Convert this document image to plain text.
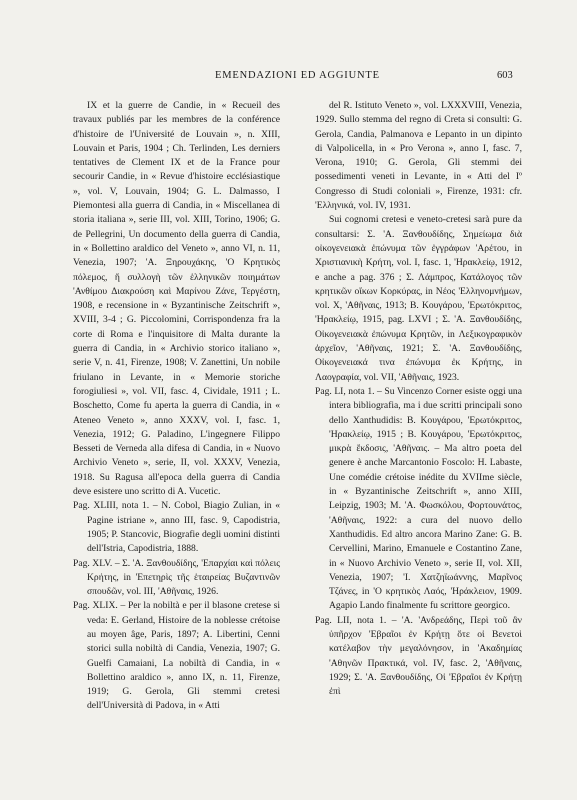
EMENDAZIONI ED AGGIUNTE	603

IX et la guerre de Candie, in « Recueil des travaux publiés par les membres de la conférence d'histoire de l'Université de Louvain », n. XIII, Louvain et Paris, 1904 ; Ch. Terlinden, Les derniers tentatives de Clement IX et de la France pour secourir Candie, in « Revue d'histoire ecclésiastique », vol. V, Louvain, 1904; G. L. Dalmasso, I Piemontesi alla guerra di Candia, in « Miscellanea di storia italiana », serie III, vol. XIII, Torino, 1906; G. de Pellegrini, Un documento della guerra di Candia, in « Bollettino araldico del Veneto », anno VI, n. 11, Venezia, 1907; 'Α. Ξηρουχάκης, 'Ο Κρητικὸς πόλεμος, ἤ συλλογὴ τῶν ἑλληνικῶν ποιημάτων 'Ανθίμου Διακρούση καὶ Μαρίνου Ζάνε, Τεργέστη, 1908, e recensione in « Byzantinische Zeitschrift », XVIII, 3-4 ; G. Piccolomini, Corrispondenza fra la corte di Roma e l'inquisitore di Malta durante la guerra di Candia, in « Archivio storico italiano », serie V, n. 41, Firenze, 1908; V. Zanettini, Un nobile friulano in Levante, in « Memorie storiche forogiuliesi », vol. VII, fasc. 4, Cividale, 1911 ; L. Boschetto, Come fu aperta la guerra di Candia, in « Ateneo Veneto », anno XXXV, vol. I, fasc. 1, Venezia, 1912; G. Paladino, L'ingegnere Filippo Besseti de Verneda alla difesa di Candia, in « Nuovo Archivio Veneto », serie, II, vol. XXXV, Venezia, 1918. Su Ragusa all'epoca della guerra di Candia deve esistere uno scritto di A. Vucetic.

Pag. XLIII, nota 1. – N. Cobol, Biagio Zulian, in « Pagine istriane », anno III, fasc. 9, Capodistria, 1905; P. Stancovic, Biografie degli uomini distinti dell'Istria, Capodistria, 1888.

Pag. XLV. – Σ. 'Α. Ξανθουδίδης, 'Επαρχίαι καὶ πόλεις Κρήτης, in 'Επετηρὶς τῆς ἑταιρείας Βυζαντινῶν σπουδῶν, vol. III, 'Αθῆναις, 1926.

Pag. XLIX. – Per la nobiltà e per il blasone cretese si veda: E. Gerland, Histoire de la noblesse crétoise au moyen âge, Paris, 1897; A. Libertini, Cenni storici sulla nobiltà di Candia, Venezia, 1907; G. Guelfi Camaiani, La nobiltà di Candia, in « Bollettino araldico », anno IX, n. 11, Firenze, 1919; G. Gerola, Gli stemmi cretesi dell'Università di Padova, in « Atti

del R. Istituto Veneto », vol. LXXXVIII, Venezia, 1929. Sullo stemma del regno di Creta si consulti: G. Gerola, Candia, Palmanova e Lepanto in un dipinto di Valpolicella, in « Pro Verona », anno I, fasc. 7, Verona, 1910; G. Gerola, Gli stemmi dei possedimenti veneti in Levante, in « Atti del Iº Congresso di Studi coloniali », Firenze, 1931: cfr. 'Ελληνικά, vol. IV, 1931.

Sui cognomi cretesi e veneto-cretesi sarà pure da consultarsi: Σ. 'Α. Ξανθουδίδης, Σημείωμα διὰ οἰκογενειακὰ ἐπώνυμα τῶν ἐγγράφων 'Αρέτου, in Χριστιανικὴ Κρήτη, vol. I, fasc. 1, 'Ηρακλείῳ, 1912, e anche a pag. 376 ; Σ. Λάμπρος, Κατάλογος τῶν κρητικῶν οἴκων Κορκύρας, in Νέος 'Ελληνομνήμων, vol. X, 'Αθῆναις, 1913; Β. Κουγάρου, 'Ερωτόκριτος, 'Ηρακλείῳ, 1915, pag. LXVI ; Σ. 'Α. Ξανθουδίδης, Οἰκογενειακὰ ἐπώνυμα Κρητῶν, in Λεξικογραφικὸν ἀρχεῖον, 'Αθῆναις, 1921; Σ. 'Α. Ξανθουδίδης, Οἰκογενειακά τινα ἐπώνυμα ἐκ Κρήτης, in Λαογραφία, vol. VII, 'Αθῆναις, 1923.

Pag. LI, nota 1. – Su Vincenzo Corner esiste oggi una intera bibliografia, ma i due scritti principali sono dello Xanthudidis: Β. Κουγάρου, 'Ερωτόκριτος, 'Ηρακλείῳ, 1915 ; Β. Κουγάρου, 'Ερωτόκριτος, μικρὰ ἔκδοσις, 'Αθῆναις. – Ma altro poeta del genere è anche Marcantonio Foscolo: H. Labaste, Une comédie crétoise inédite du XVIIme siècle, in « Byzantinische Zeitschrift », anno XIII, Leipzig, 1903; Μ. 'Α. Φωσκόλου, Φορτουνάτος, 'Αθῆναις, 1922: a cura del nuovo dello Xanthudidis. Ed altro ancora Marino Zane: G. B. Cervellini, Marino, Emanuele e Costantino Zane, in « Nuovo Archivio Veneto », serie II, vol. XII, Venezia, 1907; 'Ι. Χατζηϊωάννης, Μαρῖνος Τζάνες, in 'Ο κρητικὸς Λαός, 'Ηράκλειον, 1909. Agapio Lando finalmente fu scrittore georgico.

Pag. LII, nota 1. – 'Α. 'Ανδρεάδης, Περὶ τοῦ ἂν ὑπῆρχον 'Εβραῖοι ἐν Κρήτῃ ὅτε οἱ Βενετοὶ κατέλαβον τὴν μεγαλόνησον, in 'Ακαδημίας 'Αθηνῶν Πρακτικά, vol. IV, fasc. 2, 'Αθῆναις, 1929; Σ. 'Α. Ξανθουδίδης, Οἱ 'Εβραῖοι ἐν Κρήτῃ ἐπὶ
